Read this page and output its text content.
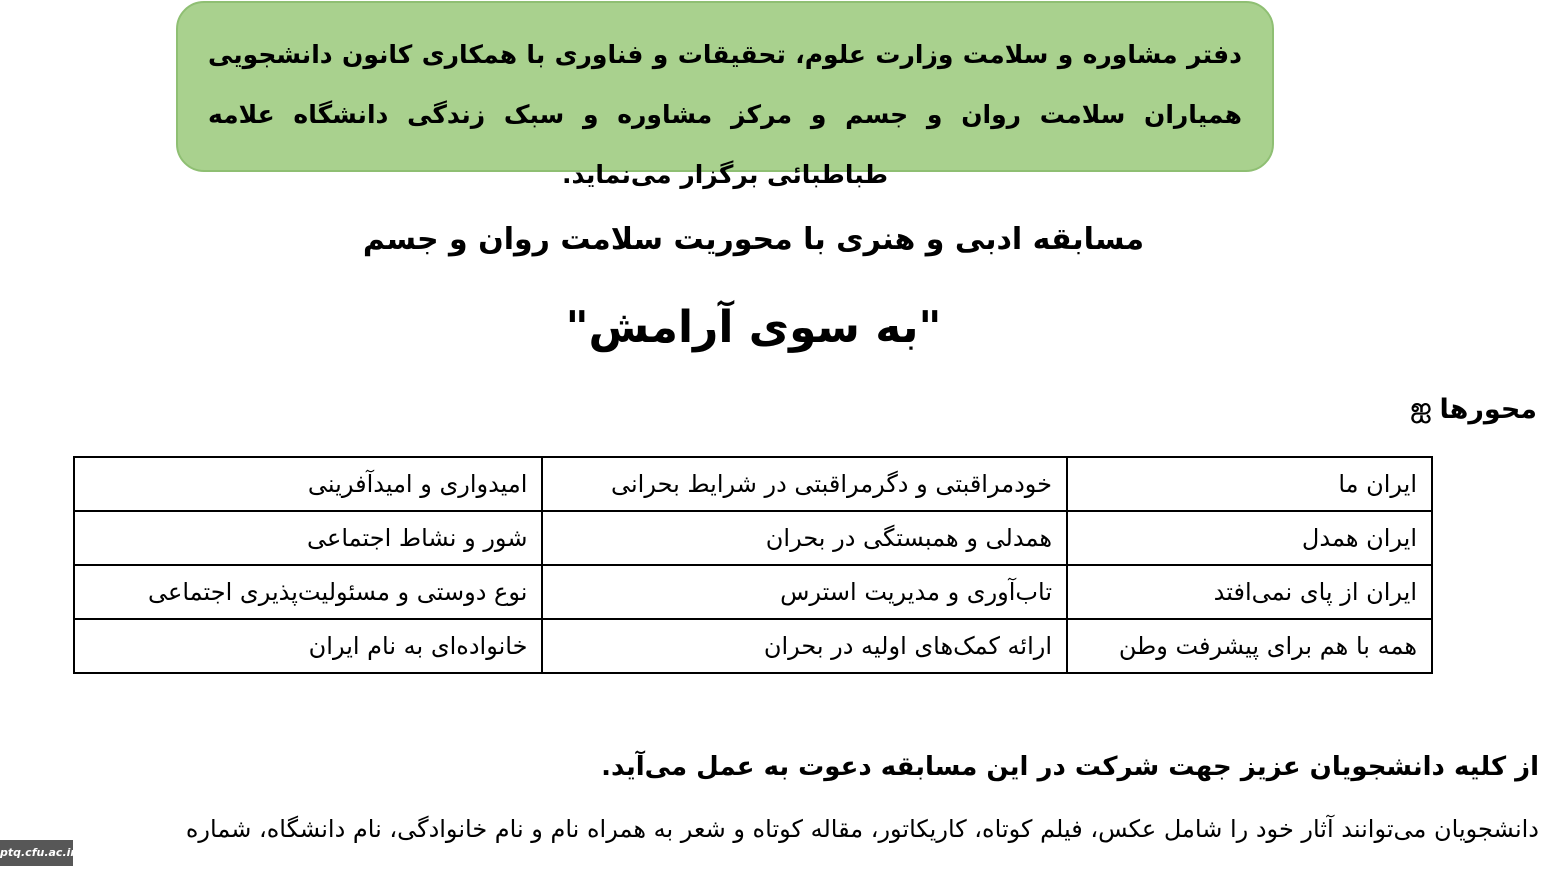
دفتر مشاوره و سلامت وزارت علوم، تحقیقات و فناوری با همکاری کانون دانشجویی همیاران سلامت روان و جسم و مرکز مشاوره و سبک زندگی دانشگاه علامه طباطبائی برگزار می‌نماید.
مسابقه ادبی و هنری با محوریت سلامت روان و جسم
"به سوی آرامش"
محورها
ஐ
ایران ما	خودمراقبتی و دگرمراقبتی در شرایط بحرانی	امیدواری و امیدآفرینی
ایران همدل	همدلی و همبستگی در بحران	شور و نشاط اجتماعی
ایران از پای نمی‌افتد	تاب‌آوری و مدیریت استرس	نوع دوستی و مسئولیت‌پذیری اجتماعی
همه با هم برای پیشرفت وطن	ارائه کمک‌های اولیه در بحران	خانواده‌ای به نام ایران
از کلیه دانشجویان عزیز جهت شرکت در این مسابقه دعوت به عمل می‌آید.
دانشجویان می‌توانند آثار خود را شامل عکس، فیلم کوتاه، کاریکاتور، مقاله کوتاه و شعر به همراه نام و نام خانوادگی، نام دانشگاه، شماره
ptq.cfu.ac.ir
